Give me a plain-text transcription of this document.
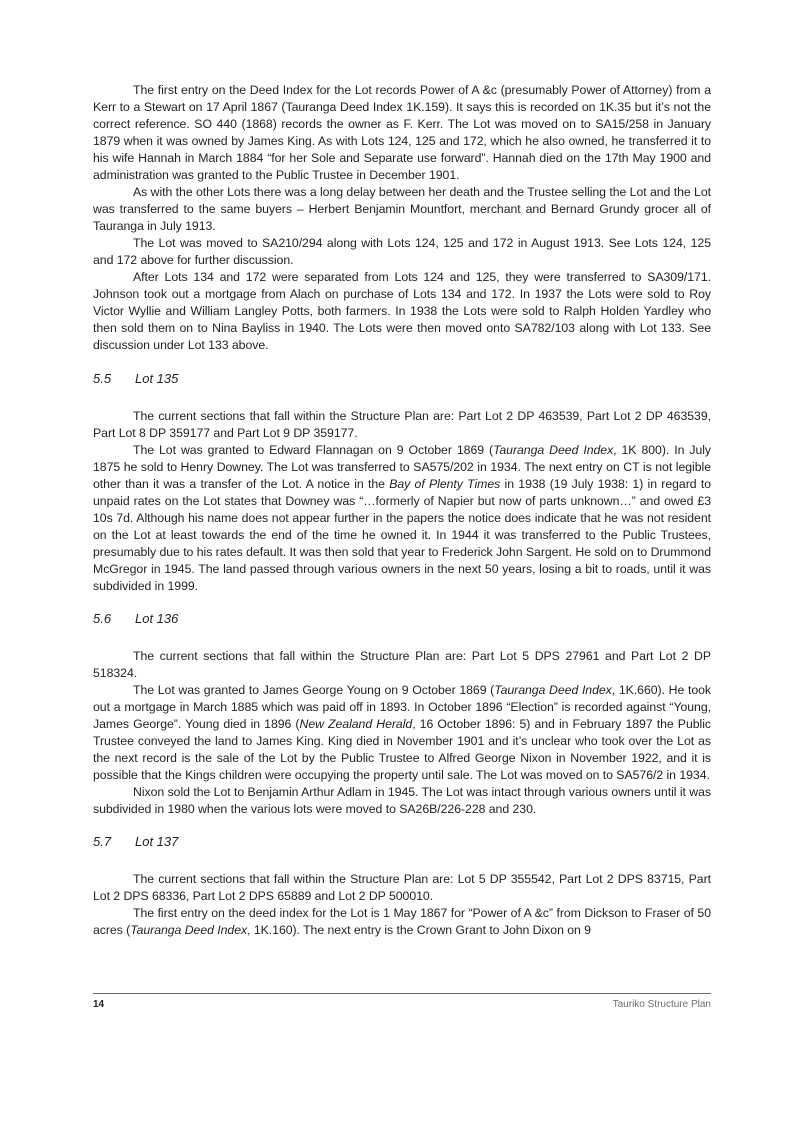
The first entry on the Deed Index for the Lot records Power of A &c (presumably Power of Attorney) from a Kerr to a Stewart on 17 April 1867 (Tauranga Deed Index 1K.159). It says this is recorded on 1K.35 but it’s not the correct reference. SO 440 (1868) records the owner as F. Kerr. The Lot was moved on to SA15/258 in January 1879 when it was owned by James King. As with Lots 124, 125 and 172, which he also owned, he transferred it to his wife Hannah in March 1884 “for her Sole and Separate use forward”. Hannah died on the 17th May 1900 and administration was granted to the Public Trustee in December 1901.

As with the other Lots there was a long delay between her death and the Trustee selling the Lot and the Lot was transferred to the same buyers – Herbert Benjamin Mountfort, merchant and Bernard Grundy grocer all of Tauranga in July 1913.

The Lot was moved to SA210/294 along with Lots 124, 125 and 172 in August 1913. See Lots 124, 125 and 172 above for further discussion.

After Lots 134 and 172 were separated from Lots 124 and 125, they were transferred to SA309/171. Johnson took out a mortgage from Alach on purchase of Lots 134 and 172. In 1937 the Lots were sold to Roy Victor Wyllie and William Langley Potts, both farmers. In 1938 the Lots were sold to Ralph Holden Yardley who then sold them on to Nina Bayliss in 1940. The Lots were then moved onto SA782/103 along with Lot 133. See discussion under Lot 133 above.

5.5 Lot 135

The current sections that fall within the Structure Plan are: Part Lot 2 DP 463539, Part Lot 2 DP 463539, Part Lot 8 DP 359177 and Part Lot 9 DP 359177.

The Lot was granted to Edward Flannagan on 9 October 1869 (Tauranga Deed Index, 1K 800). In July 1875 he sold to Henry Downey. The Lot was transferred to SA575/202 in 1934. The next entry on CT is not legible other than it was a transfer of the Lot. A notice in the Bay of Plenty Times in 1938 (19 July 1938: 1) in regard to unpaid rates on the Lot states that Downey was “…formerly of Napier but now of parts unknown…” and owed £3 10s 7d. Although his name does not appear further in the papers the notice does indicate that he was not resident on the Lot at least towards the end of the time he owned it. In 1944 it was transferred to the Public Trustees, presumably due to his rates default. It was then sold that year to Frederick John Sargent. He sold on to Drummond McGregor in 1945. The land passed through various owners in the next 50 years, losing a bit to roads, until it was subdivided in 1999.

5.6 Lot 136

The current sections that fall within the Structure Plan are: Part Lot 5 DPS 27961 and Part Lot 2 DP 518324.

The Lot was granted to James George Young on 9 October 1869 (Tauranga Deed Index, 1K.660). He took out a mortgage in March 1885 which was paid off in 1893. In October 1896 “Election” is recorded against “Young, James George”. Young died in 1896 (New Zealand Herald, 16 October 1896: 5) and in February 1897 the Public Trustee conveyed the land to James King. King died in November 1901 and it’s unclear who took over the Lot as the next record is the sale of the Lot by the Public Trustee to Alfred George Nixon in November 1922, and it is possible that the Kings children were occupying the property until sale. The Lot was moved on to SA576/2 in 1934.

Nixon sold the Lot to Benjamin Arthur Adlam in 1945. The Lot was intact through various owners until it was subdivided in 1980 when the various lots were moved to SA26B/226-228 and 230.

5.7 Lot 137

The current sections that fall within the Structure Plan are: Lot 5 DP 355542, Part Lot 2 DPS 83715, Part Lot 2 DPS 68336, Part Lot 2 DPS 65889 and Lot 2 DP 500010.

The first entry on the deed index for the Lot is 1 May 1867 for “Power of A &c” from Dickson to Fraser of 50 acres (Tauranga Deed Index, 1K.160). The next entry is the Crown Grant to John Dixon on 9

14	Tauriko Structure Plan
